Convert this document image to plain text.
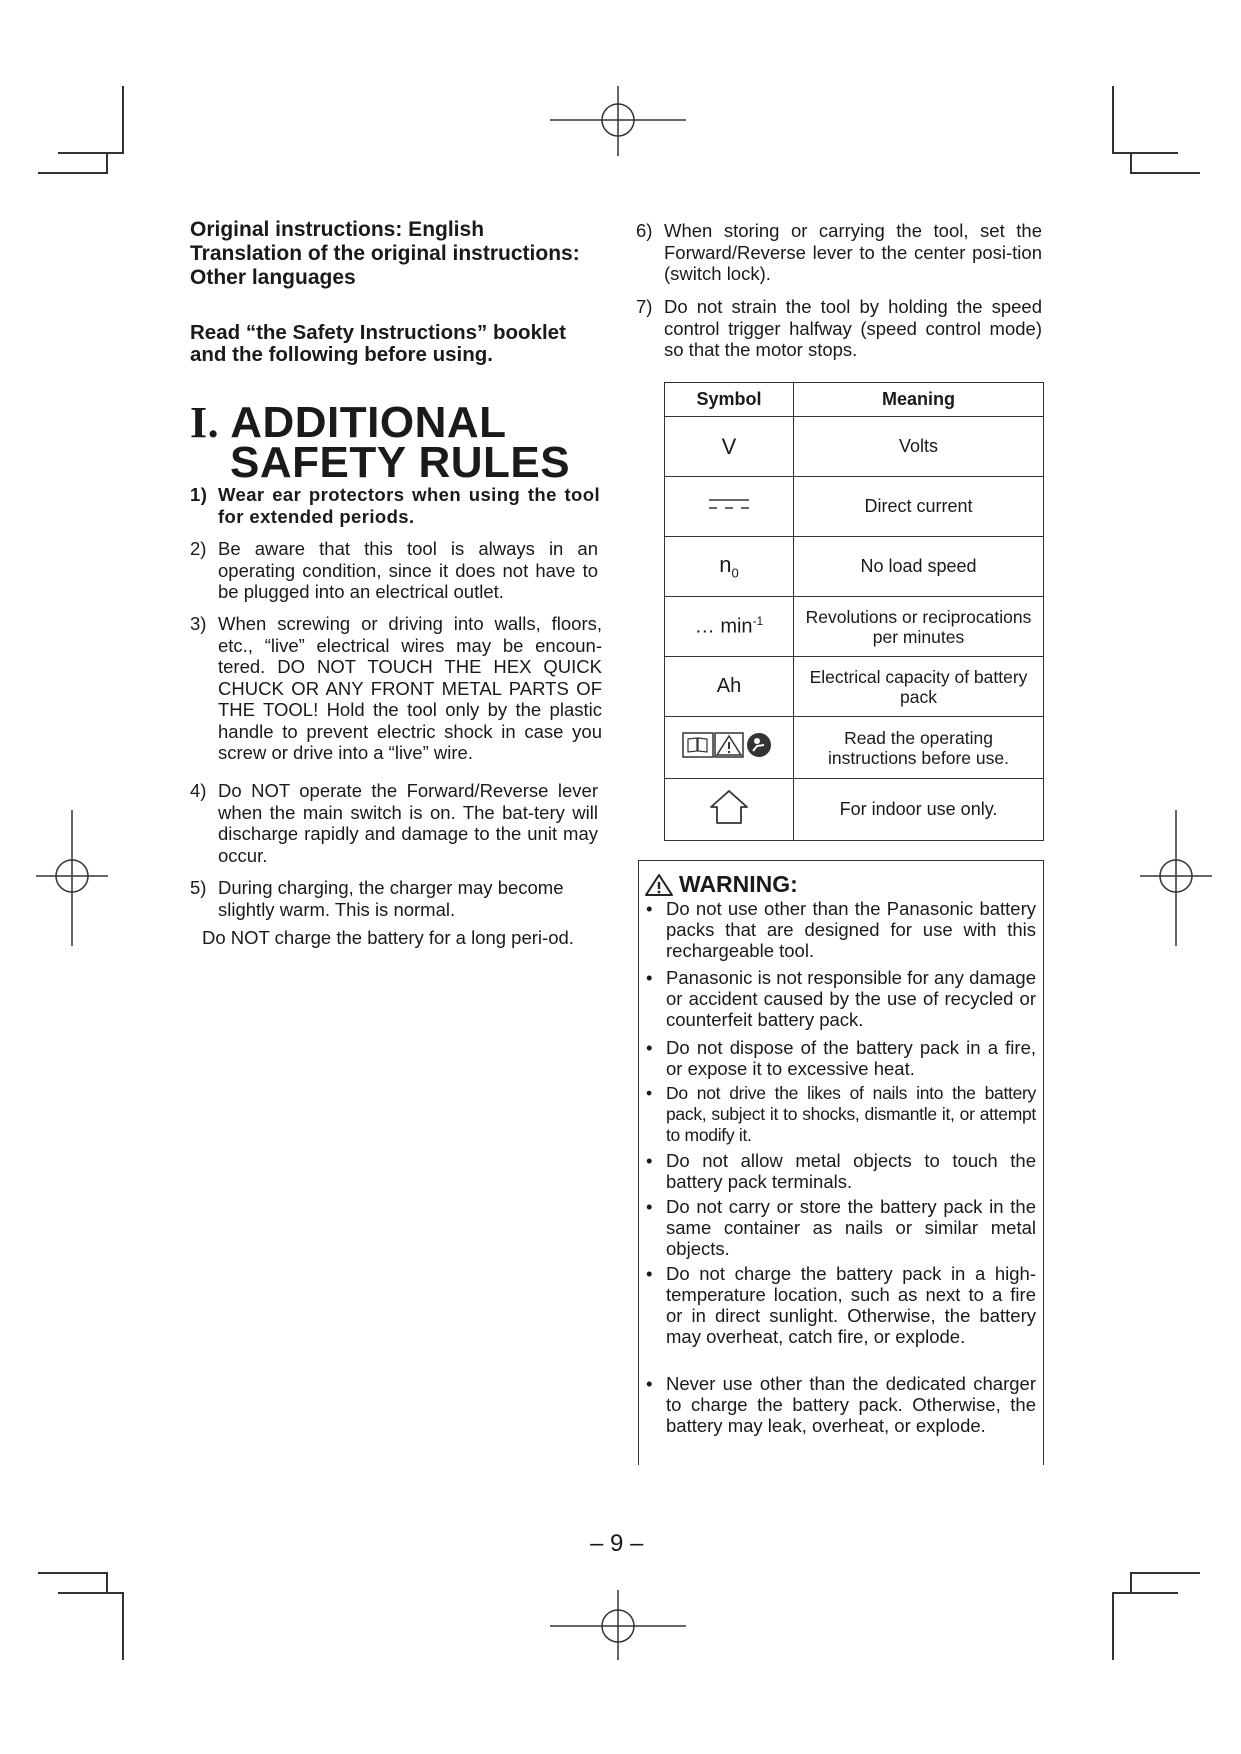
Original instructions: English
Translation of the original instructions:
Other languages
Read “the Safety Instructions” booklet
and the following before using.
I. ADDITIONAL
SAFETY RULES
1) Wear ear protectors when using the tool for extended periods.
2) Be aware that this tool is always in an operating condition, since it does not have to be plugged into an electrical outlet.
3) When screwing or driving into walls, floors, etc., “live” electrical wires may be encoun-tered. DO NOT TOUCH THE HEX QUICK CHUCK OR ANY FRONT METAL PARTS OF THE TOOL! Hold the tool only by the plastic handle to prevent electric shock in case you screw or drive into a “live” wire.
4) Do NOT operate the Forward/Reverse lever when the main switch is on. The bat-tery will discharge rapidly and damage to the unit may occur.
5) During charging, the charger may become slightly warm. This is normal.
Do NOT charge the battery for a long peri-od.
6) When storing or carrying the tool, set the Forward/Reverse lever to the center posi-tion (switch lock).
7) Do not strain the tool by holding the speed control trigger halfway (speed control mode) so that the motor stops.
Symbol	Meaning
V	Volts
	Direct current
$n_0$	No load speed
… $\min^{-1}$	Revolutions or reciprocations per minutes
Ah	Electrical capacity of battery pack
	Read the operating instructions before use.
	For indoor use only.
WARNING:
• Do not use other than the Panasonic battery packs that are designed for use with this rechargeable tool.
• Panasonic is not responsible for any damage or accident caused by the use of recycled or counterfeit battery pack.
• Do not dispose of the battery pack in a fire, or expose it to excessive heat.
• Do not drive the likes of nails into the battery pack, subject it to shocks, dismantle it, or attempt to modify it.
• Do not allow metal objects to touch the battery pack terminals.
• Do not carry or store the battery pack in the same container as nails or similar metal objects.
• Do not charge the battery pack in a high-temperature location, such as next to a fire or in direct sunlight. Otherwise, the battery may overheat, catch fire, or explode.
• Never use other than the dedicated charger to charge the battery pack. Otherwise, the battery may leak, overheat, or explode.
– 9 –
